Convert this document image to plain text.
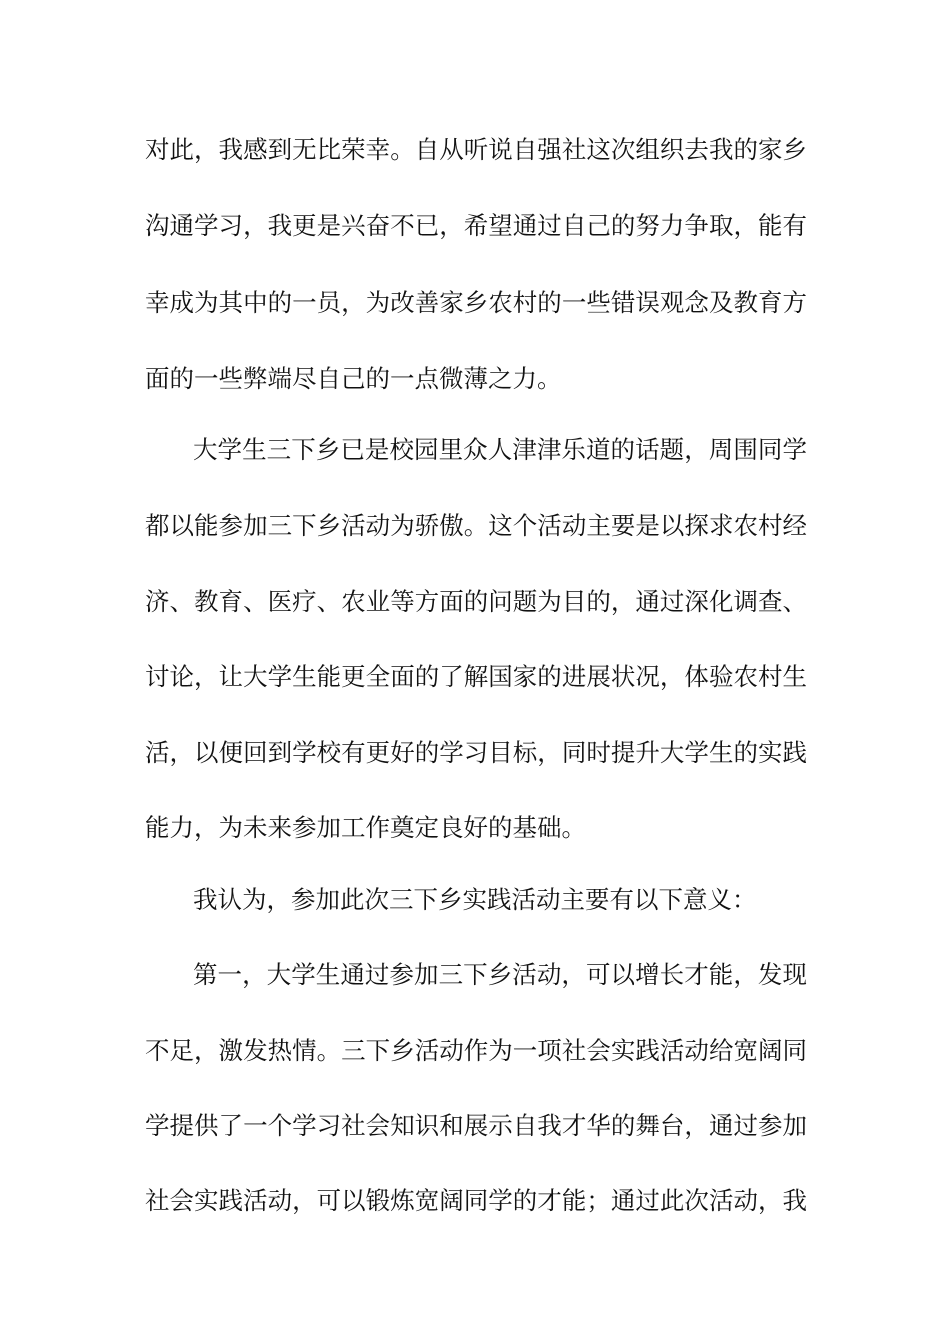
对此，我感到无比荣幸。自从听说自强社这次组织去我的家乡
沟通学习，我更是兴奋不已，希望通过自己的努力争取，能有
幸成为其中的一员，为改善家乡农村的一些错误观念及教育方
面的一些弊端尽自己的一点微薄之力。
大学生三下乡已是校园里众人津津乐道的话题，周围同学
都以能参加三下乡活动为骄傲。这个活动主要是以探求农村经
济、教育、医疗、农业等方面的问题为目的，通过深化调查、
讨论，让大学生能更全面的了解国家的进展状况，体验农村生
活，以便回到学校有更好的学习目标，同时提升大学生的实践
能力，为未来参加工作奠定良好的基础。
我认为，参加此次三下乡实践活动主要有以下意义：
第一，大学生通过参加三下乡活动，可以增长才能，发现
不足，激发热情。三下乡活动作为一项社会实践活动给宽阔同
学提供了一个学习社会知识和展示自我才华的舞台，通过参加
社会实践活动，可以锻炼宽阔同学的才能；通过此次活动，我
